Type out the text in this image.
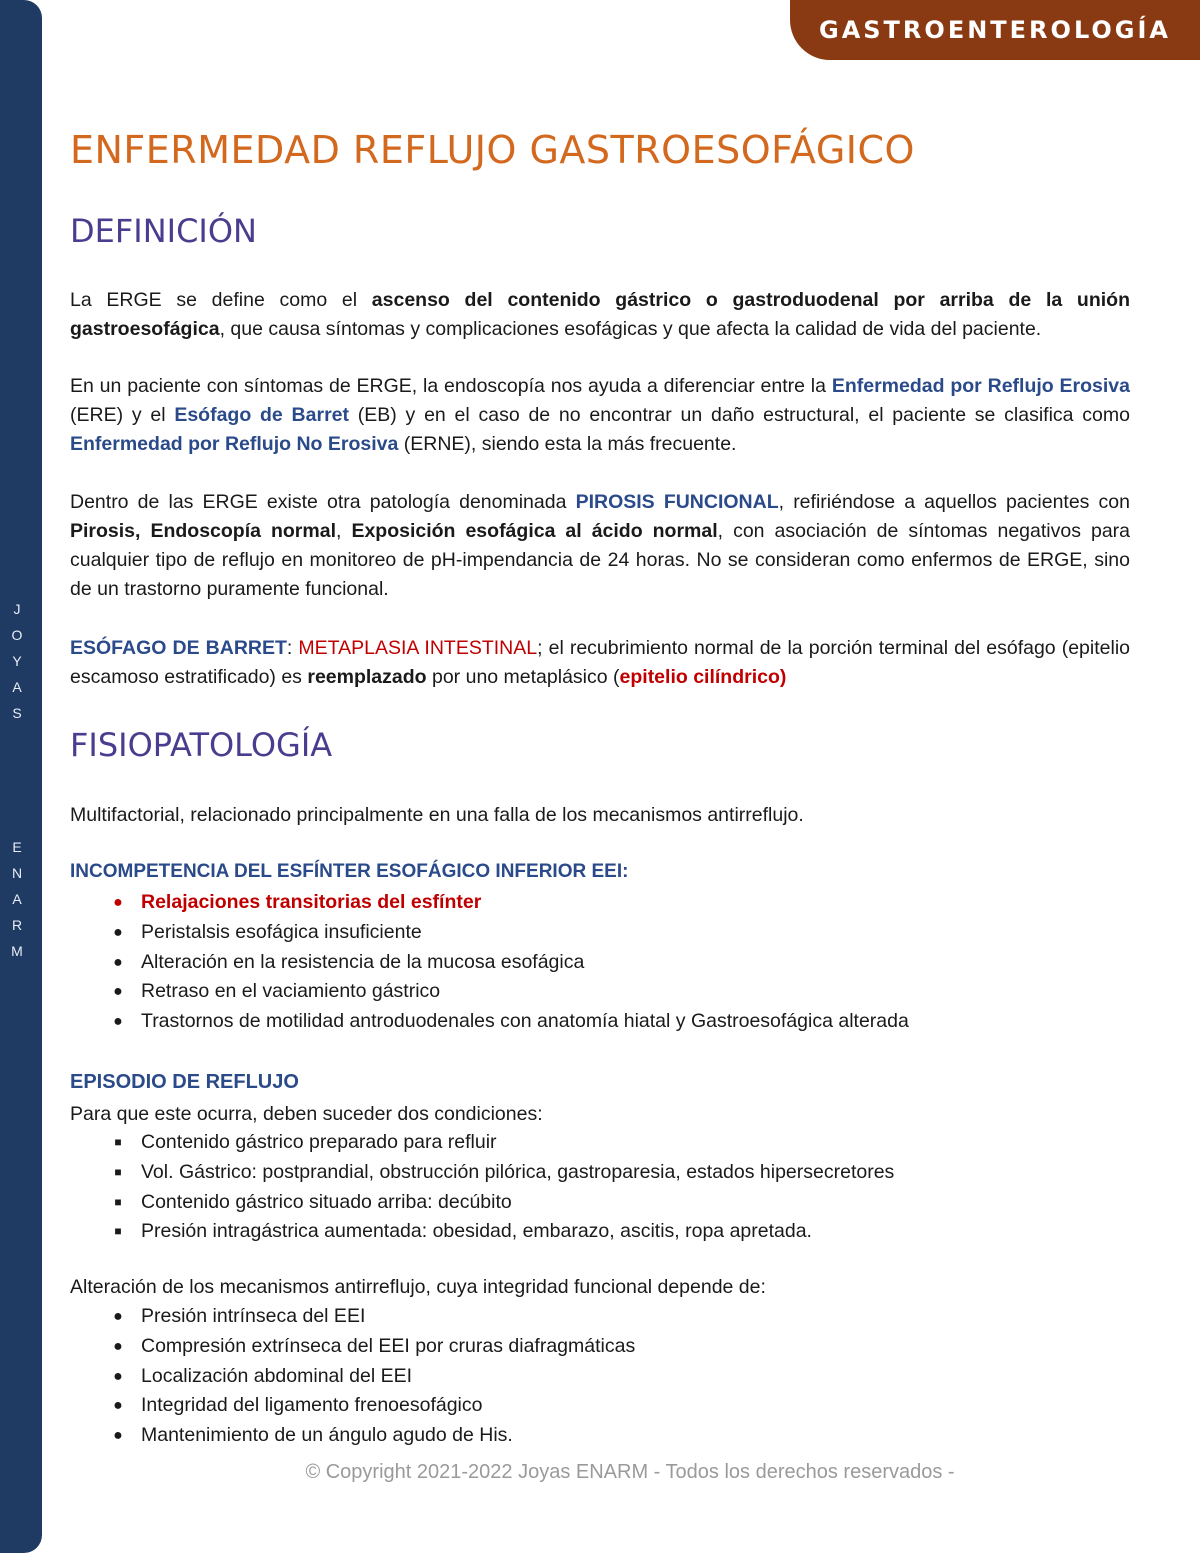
J
O
Y
A
S
E
N
A
R
M
GASTROENTEROLOGÍA
ENFERMEDAD REFLUJO GASTROESOFÁGICO
DEFINICIÓN
La ERGE se define como el ascenso del contenido gástrico o gastroduodenal por arriba de la unión gastroesofágica, que causa síntomas y complicaciones esofágicas y que afecta la calidad de vida del paciente.
En un paciente con síntomas de ERGE, la endoscopía nos ayuda a diferenciar entre la Enfermedad por Reflujo Erosiva (ERE) y el Esófago de Barret (EB) y en el caso de no encontrar un daño estructural, el paciente se clasifica como Enfermedad por Reflujo No Erosiva (ERNE), siendo esta la más frecuente.
Dentro de las ERGE existe otra patología denominada PIROSIS FUNCIONAL, refiriéndose a aquellos pacientes con Pirosis, Endoscopía normal, Exposición esofágica al ácido normal, con asociación de síntomas negativos para cualquier tipo de reflujo en monitoreo de pH-impendancia de 24 horas. No se consideran como enfermos de ERGE, sino de un trastorno puramente funcional.
ESÓFAGO DE BARRET: METAPLASIA INTESTINAL; el recubrimiento normal de la porción terminal del esófago (epitelio escamoso estratificado) es reemplazado por uno metaplásico (epitelio cilíndrico)
FISIOPATOLOGÍA
Multifactorial, relacionado principalmente en una falla de los mecanismos antirreflujo.
INCOMPETENCIA DEL ESFÍNTER ESOFÁGICO INFERIOR EEI:
● Relajaciones transitorias del esfínter
● Peristalsis esofágica insuficiente
● Alteración en la resistencia de la mucosa esofágica
● Retraso en el vaciamiento gástrico
● Trastornos de motilidad antroduodenales con anatomía hiatal y Gastroesofágica alterada
EPISODIO DE REFLUJO
Para que este ocurra, deben suceder dos condiciones:
■ Contenido gástrico preparado para refluir
■ Vol. Gástrico: postprandial, obstrucción pilórica, gastroparesia, estados hipersecretores
■ Contenido gástrico situado arriba: decúbito
■ Presión intragástrica aumentada: obesidad, embarazo, ascitis, ropa apretada.
Alteración de los mecanismos antirreflujo, cuya integridad funcional depende de:
● Presión intrínseca del EEI
● Compresión extrínseca del EEI por cruras diafragmáticas
● Localización abdominal del EEI
● Integridad del ligamento frenoesofágico
● Mantenimiento de un ángulo agudo de His.
© Copyright 2021-2022 Joyas ENARM - Todos los derechos reservados -
